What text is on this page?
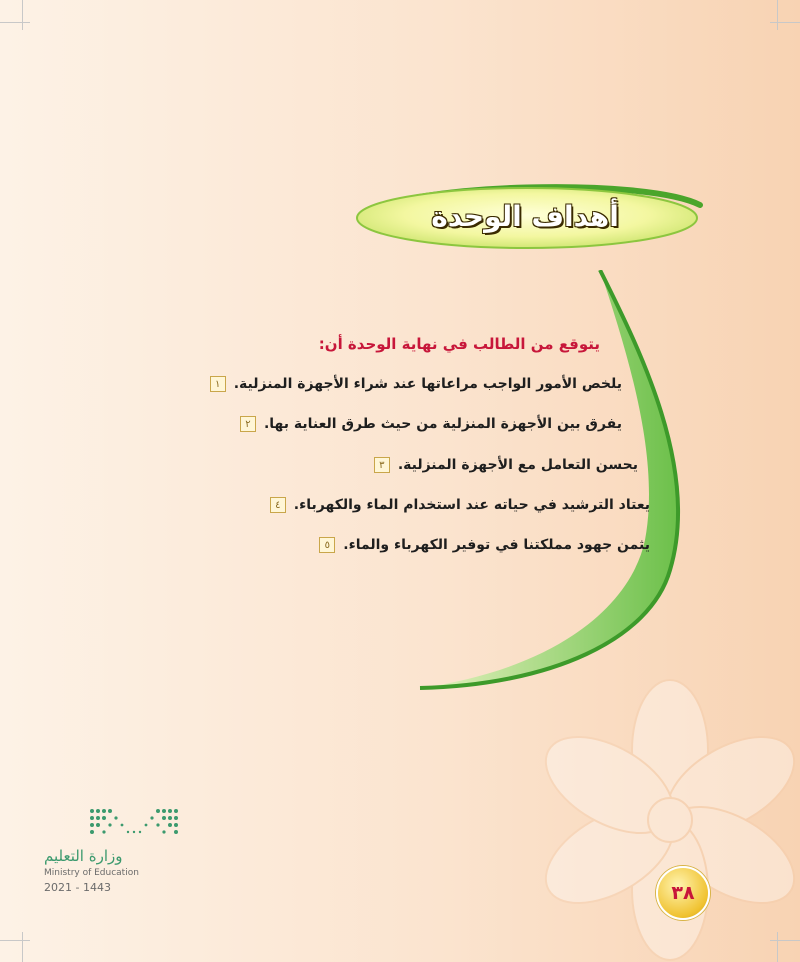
أهداف الوحدة
يتوقع من الطالب في نهاية الوحدة أن:
١ يلخص الأمور الواجب مراعاتها عند شراء الأجهزة المنزلية.
٢ يفرق بين الأجهزة المنزلية من حيث طرق العناية بها.
٣ يحسن التعامل مع الأجهزة المنزلية.
٤ يعتاد الترشيد في حياته عند استخدام الماء والكهرباء.
٥ يثمن جهود مملكتنا في توفير الكهرباء والماء.
وزارة التعليم
Ministry of Education
2021 - 1443	٣٨
